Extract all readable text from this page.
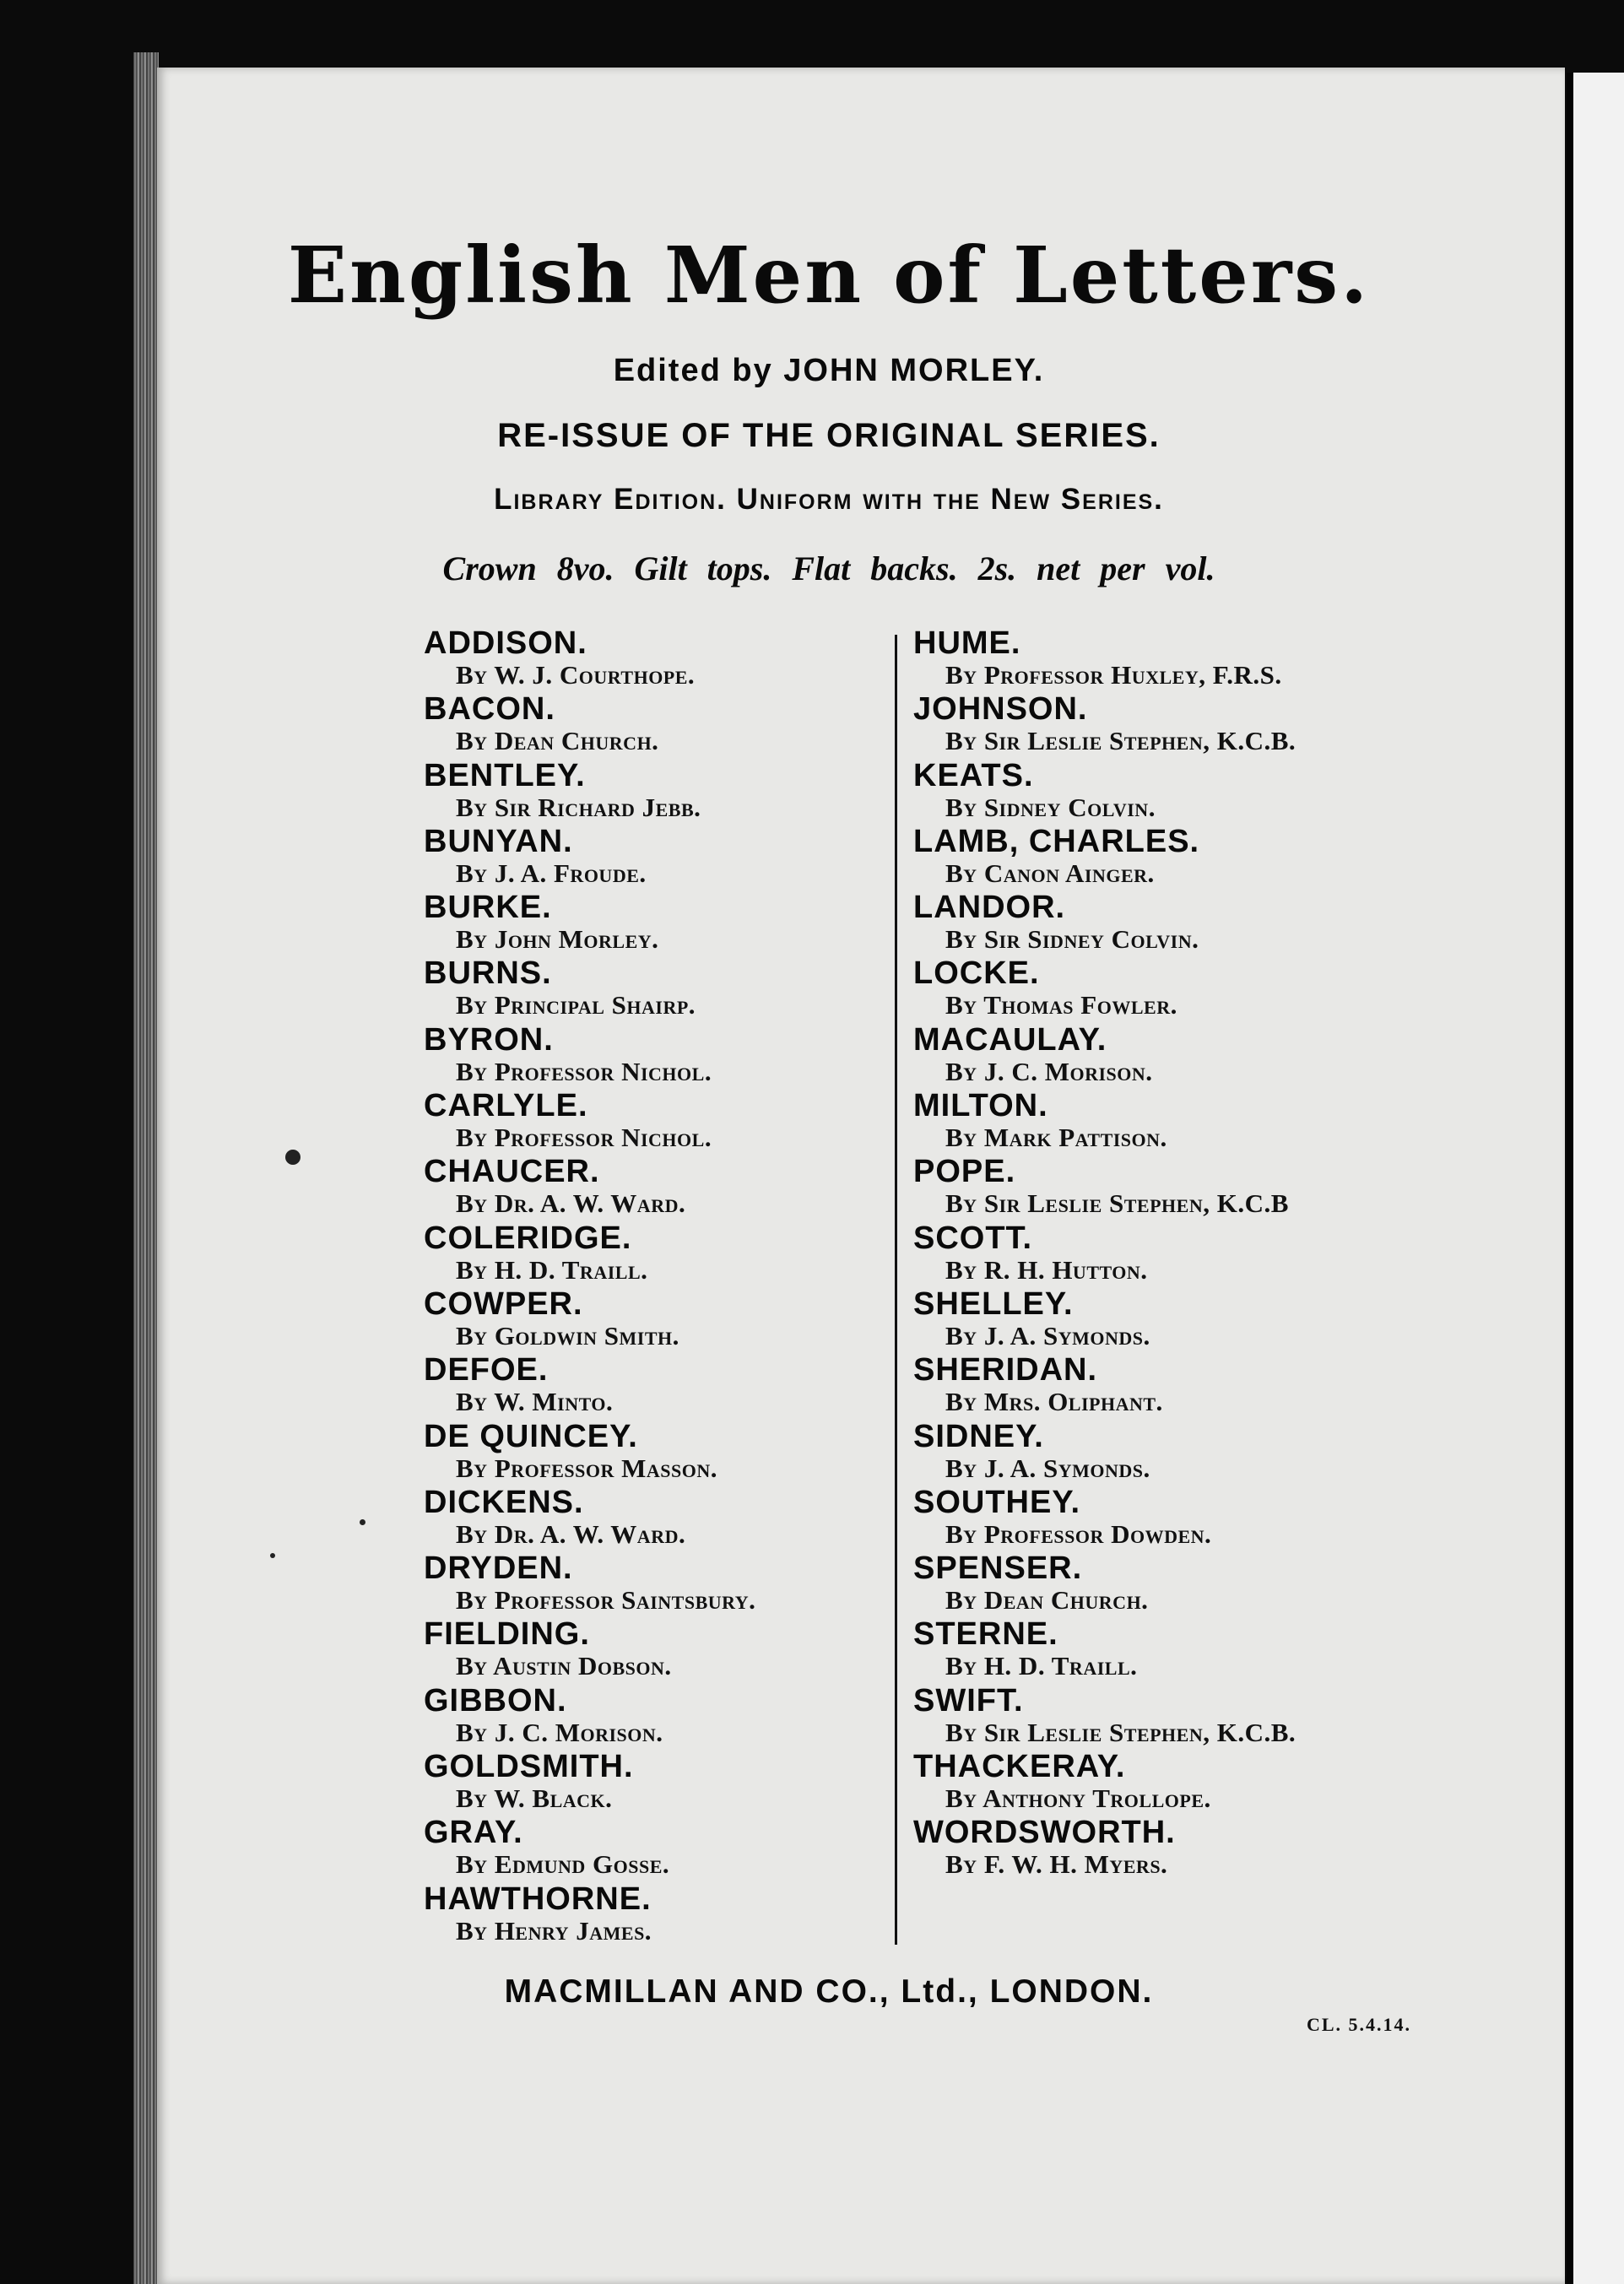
English Men of Letters.
Edited by JOHN MORLEY.
RE-ISSUE OF THE ORIGINAL SERIES.
Library Edition. Uniform with the New Series.
Crown 8vo. Gilt tops. Flat backs. 2s. net per vol.
ADDISON.
By W. J. Courthope.
BACON.
By Dean Church.
BENTLEY.
By Sir Richard Jebb.
BUNYAN.
By J. A. Froude.
BURKE.
By John Morley.
BURNS.
By Principal Shairp.
BYRON.
By Professor Nichol.
CARLYLE.
By Professor Nichol.
CHAUCER.
By Dr. A. W. Ward.
COLERIDGE.
By H. D. Traill.
COWPER.
By Goldwin Smith.
DEFOE.
By W. Minto.
DE QUINCEY.
By Professor Masson.
DICKENS.
By Dr. A. W. Ward.
DRYDEN.
By Professor Saintsbury.
FIELDING.
By Austin Dobson.
GIBBON.
By J. C. Morison.
GOLDSMITH.
By W. Black.
GRAY.
By Edmund Gosse.
HAWTHORNE.
By Henry James.
HUME.
By Professor Huxley, F.R.S.
JOHNSON.
By Sir Leslie Stephen, K.C.B.
KEATS.
By Sidney Colvin.
LAMB, CHARLES.
By Canon Ainger.
LANDOR.
By Sir Sidney Colvin.
LOCKE.
By Thomas Fowler.
MACAULAY.
By J. C. Morison.
MILTON.
By Mark Pattison.
POPE.
By Sir Leslie Stephen, K.C.B
SCOTT.
By R. H. Hutton.
SHELLEY.
By J. A. Symonds.
SHERIDAN.
By Mrs. Oliphant.
SIDNEY.
By J. A. Symonds.
SOUTHEY.
By Professor Dowden.
SPENSER.
By Dean Church.
STERNE.
By H. D. Traill.
SWIFT.
By Sir Leslie Stephen, K.C.B.
THACKERAY.
By Anthony Trollope.
WORDSWORTH.
By F. W. H. Myers.
MACMILLAN AND CO., Ltd., LONDON.
CL. 5.4.14.
